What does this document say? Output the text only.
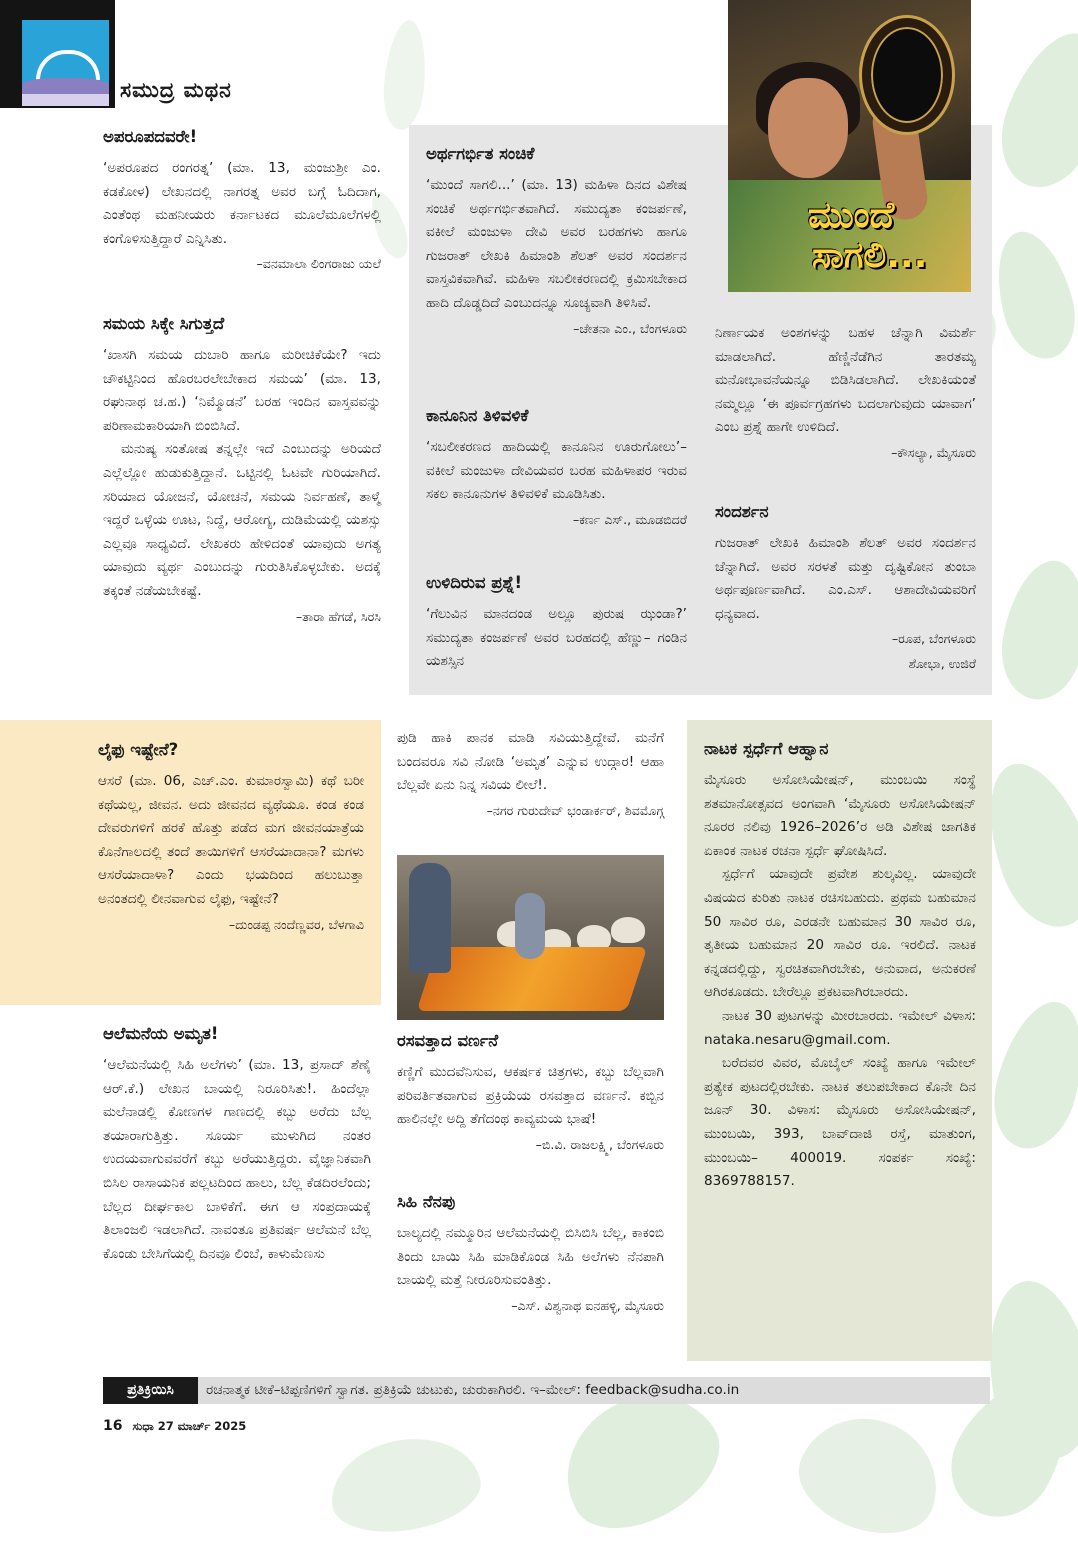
ಸಮುದ್ರ ಮಥನ
ಮುಂದೆ
ಸಾಗಲಿ...
ಅಪರೂಪದವರೇ!

‘ಅಪರೂಪದ ರಂಗರತ್ನ’ (ಮಾ. 13, ಮಂಜುಶ್ರೀ ಎಂ. ಕಡಕೋಳ) ಲೇಖನದಲ್ಲಿ ನಾಗರತ್ನ ಅವರ ಬಗ್ಗೆ ಓದಿದಾಗ, ಎಂತೆಂಥ ಮಹನೀಯರು ಕರ್ನಾಟಕದ ಮೂಲೆಮೂಲೆಗಳಲ್ಲಿ ಕಂಗೊಳಿಸುತ್ತಿದ್ದಾರೆ ಎನ್ನಿಸಿತು.

–ವನಮಾಲಾ ಲಿಂಗರಾಜು ಯಲೆ
ಸಮಯ ಸಿಕ್ಕೇ ಸಿಗುತ್ತದೆ

‘ಖಾಸಗಿ ಸಮಯ ದುಬಾರಿ ಹಾಗೂ ಮರೀಚಿಕೆಯೇ? ಇದು ಚೌಕಟ್ಟಿನಿಂದ ಹೊರಬರಲೇಬೇಕಾದ ಸಮಯ’ (ಮಾ. 13, ರಘುನಾಥ ಚ.ಹ.) ‘ನಿಮ್ಮೊಡನೆ’ ಬರಹ ಇಂದಿನ ವಾಸ್ತವವನ್ನು ಪರಿಣಾಮಕಾರಿಯಾಗಿ ಬಿಂಬಿಸಿದೆ.

ಮನುಷ್ಯ ಸಂತೋಷ ತನ್ನಲ್ಲೇ ಇದೆ ಎಂಬುದನ್ನು ಅರಿಯದೆ ಎಲ್ಲೆಲ್ಲೋ ಹುಡುಕುತ್ತಿದ್ದಾನೆ. ಒಟ್ಟಿನಲ್ಲಿ ಓಟವೇ ಗುರಿಯಾಗಿದೆ. ಸರಿಯಾದ ಯೋಜನೆ, ಯೋಚನೆ, ಸಮಯ ನಿರ್ವಹಣೆ, ತಾಳ್ಮೆ ಇದ್ದರೆ ಒಳ್ಳೆಯ ಊಟ, ನಿದ್ದೆ, ಆರೋಗ್ಯ, ದುಡಿಮೆಯಲ್ಲಿ ಯಶಸ್ಸು ಎಲ್ಲವೂ ಸಾಧ್ಯವಿದೆ. ಲೇಖಕರು ಹೇಳಿದಂತೆ ಯಾವುದು ಅಗತ್ಯ ಯಾವುದು ವ್ಯರ್ಥ ಎಂಬುದನ್ನು ಗುರುತಿಸಿಕೊಳ್ಳಬೇಕು. ಅದಕ್ಕೆ ತಕ್ಕಂತೆ ನಡೆಯಬೇಕಷ್ಟೆ.

–ತಾರಾ ಹೆಗಡೆ, ಸಿರಸಿ
ಅರ್ಥಗರ್ಭಿತ ಸಂಚಿಕೆ

‘ಮುಂದೆ ಸಾಗಲಿ...’ (ಮಾ. 13) ಮಹಿಳಾ ದಿನದ ವಿಶೇಷ ಸಂಚಿಕೆ ಅರ್ಥಗರ್ಭಿತವಾಗಿದೆ. ಸಮುದ್ಯತಾ ಕಂಜರ್ಪಣೆ, ವಕೀಲೆ ಮಂಜುಳಾ ದೇವಿ ಅವರ ಬರಹಗಳು ಹಾಗೂ ಗುಜರಾತ್ ಲೇಖಕಿ ಹಿಮಾಂಶಿ ಶೆಲತ್ ಅವರ ಸಂದರ್ಶನ ವಾಸ್ತವಿಕವಾಗಿವೆ. ಮಹಿಳಾ ಸಬಲೀಕರಣದಲ್ಲಿ ಕ್ರಮಿಸಬೇಕಾದ ಹಾದಿ ದೊಡ್ಡದಿದೆ ಎಂಬುದನ್ನೂ ಸೂಚ್ಯವಾಗಿ ತಿಳಿಸಿವೆ.

–ಚೇತನಾ ಎಂ., ಬೆಂಗಳೂರು
ಕಾನೂನಿನ ತಿಳಿವಳಿಕೆ

‘ಸಬಲೀಕರಣದ ಹಾದಿಯಲ್ಲಿ ಕಾನೂನಿನ ಊರುಗೋಲು’– ವಕೀಲೆ ಮಂಜುಳಾ ದೇವಿಯವರ ಬರಹ ಮಹಿಳಾಪರ ಇರುವ ಸಕಲ ಕಾನೂನುಗಳ ತಿಳಿವಳಿಕೆ ಮೂಡಿಸಿತು.

–ಕರ್ಣ ಎಸ್., ಮೂಡಬಿದರೆ
ಉಳಿದಿರುವ ಪ್ರಶ್ನೆ!

‘ಗೆಲುವಿನ ಮಾನದಂಡ ಅಲ್ಲೂ ಪುರುಷ ಝಂಡಾ?’ ಸಮುದ್ಯತಾ ಕಂಜರ್ಪಣೆ ಅವರ ಬರಹದಲ್ಲಿ ಹೆಣ್ಣು– ಗಂಡಿನ ಯಶಸ್ಸಿನ

ನಿರ್ಣಾಯಕ ಅಂಶಗಳನ್ನು ಬಹಳ ಚೆನ್ನಾಗಿ ವಿಮರ್ಶೆ ಮಾಡಲಾಗಿದೆ. ಹೆಣ್ಣಿನೆಡೆಗಿನ ತಾರತಮ್ಯ ಮನೋಭಾವನೆಯನ್ನೂ ಬಿಡಿಸಿಡಲಾಗಿದೆ. ಲೇಖಕಿಯಂತೆ ನಮ್ಮಲ್ಲೂ ‘ಈ ಪೂರ್ವಗ್ರಹಗಳು ಬದಲಾಗುವುದು ಯಾವಾಗ’ ಎಂಬ ಪ್ರಶ್ನೆ ಹಾಗೇ ಉಳಿದಿದೆ.

–ಕೌಸಲ್ಯಾ, ಮೈಸೂರು
ಸಂದರ್ಶನ

ಗುಜರಾತ್ ಲೇಖಕಿ ಹಿಮಾಂಶಿ ಶೆಲತ್ ಅವರ ಸಂದರ್ಶನ ಚೆನ್ನಾಗಿದೆ. ಅವರ ಸರಳತೆ ಮತ್ತು ದೃಷ್ಟಿಕೋನ ತುಂಬಾ ಅರ್ಥಪೂರ್ಣವಾಗಿದೆ. ಎಂ.ಎಸ್. ಆಶಾದೇವಿಯವರಿಗೆ ಧನ್ಯವಾದ.

–ರೂಪ, ಬೆಂಗಳೂರು
ಶೋಭಾ, ಉಜಿರೆ
ಲೈಫು ಇಷ್ಟೇನೆ?

ಆಸರೆ (ಮಾ. 06, ಎಚ್.ಎಂ. ಕುಮಾರಸ್ವಾಮಿ) ಕಥೆ ಬರೀ ಕಥೆಯಲ್ಲ, ಜೀವನ. ಅದು ಜೀವನದ ವ್ಯಥೆಯೂ. ಕಂಡ ಕಂಡ ದೇವರುಗಳಿಗೆ ಹರಕೆ ಹೊತ್ತು ಪಡೆದ ಮಗ ಜೀವನಯಾತ್ರೆಯ ಕೊನೆಗಾಲದಲ್ಲಿ ತಂದೆ ತಾಯಿಗಳಿಗೆ ಆಸರೆಯಾದಾನಾ? ಮಗಳು ಆಸರೆಯಾದಾಳಾ? ಎಂದು ಭಯದಿಂದ ಹಲುಬುತ್ತಾ ಅನಂತದಲ್ಲಿ ಲೀನವಾಗುವ ಲೈಫು, ಇಷ್ಟೇನೆ?

–ದುಂಡಪ್ಪ ನಂದೆಣ್ಣವರ, ಬೆಳಗಾವಿ
ಆಲೆಮನೆಯ ಅಮೃತ!

‘ಆಲೆಮನೆಯಲ್ಲಿ ಸಿಹಿ ಅಲೆಗಳು’ (ಮಾ. 13, ಪ್ರಸಾದ್ ಶೆಣೈ ಆರ್.ಕೆ.) ಲೇಖನ ಬಾಯಲ್ಲಿ ನಿರೂರಿಸಿತು!. ಹಿಂದೆಲ್ಲಾ ಮಲೆನಾಡಲ್ಲಿ ಕೋಣಗಳ ಗಾಣದಲ್ಲಿ ಕಬ್ಬು ಅರೆದು ಬೆಲ್ಲ ತಯಾರಾಗುತ್ತಿತ್ತು. ಸೂರ್ಯ ಮುಳುಗಿದ ನಂತರ ಉದಯವಾಗುವವರೆಗೆ ಕಬ್ಬು ಅರೆಯುತ್ತಿದ್ದರು. ವೈಜ್ಞಾನಿಕವಾಗಿ ಬಿಸಿಲ ರಾಸಾಯನಿಕ ಪಲ್ಲಟದಿಂದ ಹಾಲು, ಬೆಲ್ಲ ಕೆಡದಿರಲೆಂದು; ಬೆಲ್ಲದ ದೀರ್ಘಕಾಲ ಬಾಳಿಕೆಗೆ. ಈಗ ಆ ಸಂಪ್ರದಾಯಕ್ಕೆ ತಿಲಾಂಜಲಿ ಇಡಲಾಗಿದೆ. ನಾವಂತೂ ಪ್ರತಿವರ್ಷ ಆಲೆಮನೆ ಬೆಲ್ಲ ಕೊಂಡು ಬೇಸಿಗೆಯಲ್ಲಿ ದಿನವೂ ಲಿಂಬೆ, ಕಾಳುಮೆಣಸು

ಪುಡಿ ಹಾಕಿ ಪಾನಕ ಮಾಡಿ ಸವಿಯುತ್ತಿದ್ದೇವೆ. ಮನೆಗೆ ಬಂದವರೂ ಸವಿ ನೋಡಿ ‘ಅಮೃತ’ ಎನ್ನುವ ಉದ್ಗಾರ! ಆಹಾ ಬೆಲ್ಲವೇ ಏನು ನಿನ್ನ ಸವಿಯ ಲೀಲೆ!.

–ನಗರ ಗುರುದೇವ್ ಭಂಡಾರ್ಕರ್, ಶಿವಮೊಗ್ಗ
ರಸವತ್ತಾದ ವರ್ಣನೆ

ಕಣ್ಣಿಗೆ ಮುದವೆನಿಸುವ, ಆಕರ್ಷಕ ಚಿತ್ರಗಳು, ಕಬ್ಬು ಬೆಲ್ಲವಾಗಿ ಪರಿವರ್ತಿತವಾಗುವ ಪ್ರಕ್ರಿಯೆಯ ರಸವತ್ತಾದ ವರ್ಣನೆ. ಕಬ್ಬಿನ ಹಾಲಿನಲ್ಲೇ ಅದ್ದಿ ತೆಗೆದಂಥ ಕಾವ್ಯಮಯ ಭಾಷೆ!

–ಬಿ.ವಿ. ರಾಜಲಕ್ಷ್ಮಿ, ಬೆಂಗಳೂರು
ಸಿಹಿ ನೆನಪು

ಬಾಲ್ಯದಲ್ಲಿ ನಮ್ಮೂರಿನ ಆಲೆಮನೆಯಲ್ಲಿ ಬಿಸಿಬಿಸಿ ಬೆಲ್ಲ, ಕಾಕಂಬಿ ತಿಂದು ಬಾಯಿ ಸಿಹಿ ಮಾಡಿಕೊಂಡ ಸಿಹಿ ಅಲೆಗಳು ನೆನಪಾಗಿ ಬಾಯಲ್ಲಿ ಮತ್ತೆ ನೀರೂರಿಸುವಂತಿತ್ತು.

–ಎಸ್. ವಿಶ್ವನಾಥ ಐನಹಳ್ಳಿ, ಮೈಸೂರು
ನಾಟಕ ಸ್ಪರ್ಧೆಗೆ ಆಹ್ವಾನ

ಮೈಸೂರು ಅಸೋಸಿಯೇಷನ್, ಮುಂಬಯಿ ಸಂಸ್ಥೆ ಶತಮಾನೋತ್ಸವದ ಅಂಗವಾಗಿ ‘ಮೈಸೂರು ಅಸೋಸಿಯೇಷನ್ ನೂರರ ನಲಿವು 1926–2026’ರ ಅಡಿ ವಿಶೇಷ ಜಾಗತಿಕ ಏಕಾಂಕ ನಾಟಕ ರಚನಾ ಸ್ಪರ್ಧೆ ಘೋಷಿಸಿದೆ.

ಸ್ಪರ್ಧೆಗೆ ಯಾವುದೇ ಪ್ರವೇಶ ಶುಲ್ಕವಿಲ್ಲ. ಯಾವುದೇ ವಿಷಯದ ಕುರಿತು ನಾಟಕ ರಚಿಸಬಹುದು. ಪ್ರಥಮ ಬಹುಮಾನ 50 ಸಾವಿರ ರೂ, ಎರಡನೇ ಬಹುಮಾನ 30 ಸಾವಿರ ರೂ, ತೃತೀಯ ಬಹುಮಾನ 20 ಸಾವಿರ ರೂ. ಇರಲಿದೆ. ನಾಟಕ ಕನ್ನಡದಲ್ಲಿದ್ದು, ಸ್ವರಚಿತವಾಗಿರಬೇಕು, ಅನುವಾದ, ಅನುಕರಣೆ ಆಗಿರಕೂಡದು. ಬೇರೆಲ್ಲೂ ಪ್ರಕಟವಾಗಿರಬಾರದು.

ನಾಟಕ 30 ಪುಟಗಳನ್ನು ಮೀರಬಾರದು. ಇಮೇಲ್ ವಿಳಾಸ: nataka.nesaru@gmail.com.

ಬರೆದವರ ವಿವರ, ಮೊಬೈಲ್ ಸಂಖ್ಯೆ ಹಾಗೂ ಇಮೇಲ್ ಪ್ರತ್ಯೇಕ ಪುಟದಲ್ಲಿರಬೇಕು. ನಾಟಕ ತಲುಪಬೇಕಾದ ಕೊನೇ ದಿನ ಜೂನ್ 30. ವಿಳಾಸ: ಮೈಸೂರು ಅಸೋಸಿಯೇಷನ್, ಮುಂಬಯಿ, 393, ಬಾವ್‌ದಾಜಿ ರಸ್ತೆ, ಮಾತುಂಗ, ಮುಂಬಯಿ– 400019. ಸಂಪರ್ಕ ಸಂಖ್ಯೆ: 8369788157.

ಪ್ರತಿಕ್ರಿಯಿಸಿ	ರಚನಾತ್ಮಕ ಟೀಕೆ–ಟಿಪ್ಪಣಿಗಳಿಗೆ ಸ್ವಾಗತ. ಪ್ರತಿಕ್ರಿಯೆ ಚುಟುಕು, ಚುರುಕಾಗಿರಲಿ. ಇ–ಮೇಲ್: feedback@sudha.co.in
16 ಸುಧಾ 27 ಮಾರ್ಚ್ 2025
